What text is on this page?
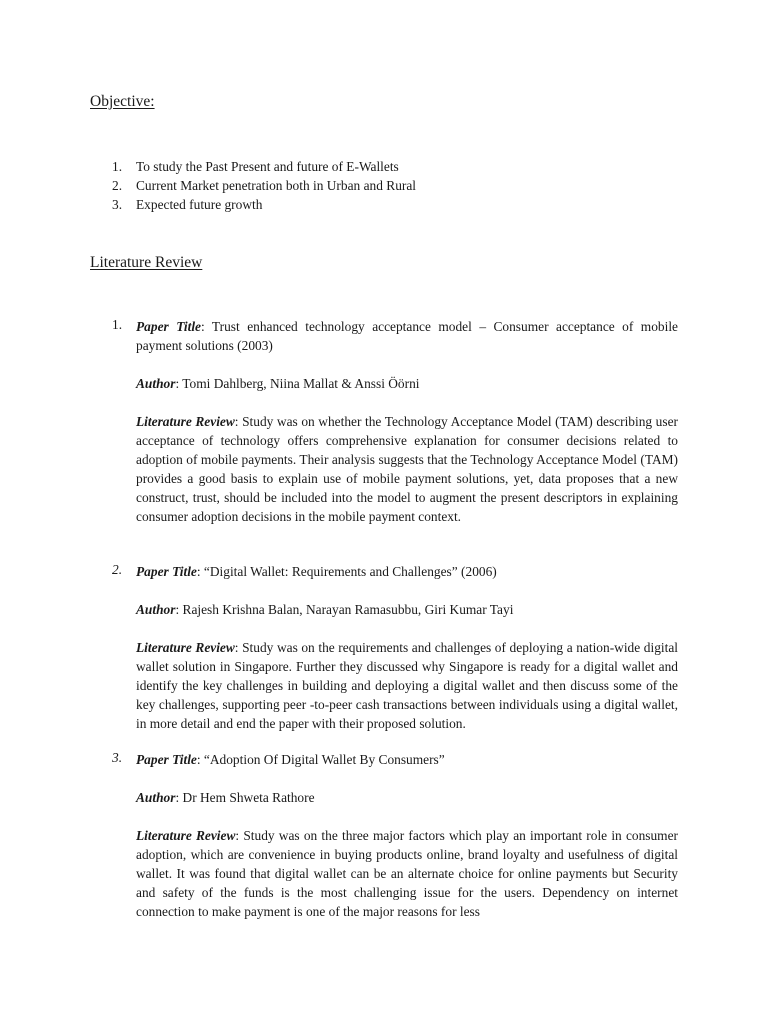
Objective:
1. To study the Past Present and future of E-Wallets
2. Current Market penetration both in Urban and Rural
3. Expected future growth
Literature Review
1.	Paper Title: Trust enhanced technology acceptance model – Consumer acceptance of mobile payment solutions (2003)

Author: Tomi Dahlberg, Niina Mallat & Anssi Öörni

Literature Review: Study was on whether the Technology Acceptance Model (TAM) describing user acceptance of technology offers comprehensive explanation for consumer decisions related to adoption of mobile payments. Their analysis suggests that the Technology Acceptance Model (TAM) provides a good basis to explain use of mobile payment solutions, yet, data proposes that a new construct, trust, should be included into the model to augment the present descriptors in explaining consumer adoption decisions in the mobile payment context.

2.	Paper Title: “Digital Wallet: Requirements and Challenges” (2006)

Author: Rajesh Krishna Balan, Narayan Ramasubbu, Giri Kumar Tayi

Literature Review: Study was on the requirements and challenges of deploying a nation-wide digital wallet solution in Singapore. Further they discussed why Singapore is ready for a digital wallet and identify the key challenges in building and deploying a digital wallet and then discuss some of the key challenges, supporting peer -to-peer cash transactions between individuals using a digital wallet, in more detail and end the paper with their proposed solution.

3.	Paper Title: “Adoption Of Digital Wallet By Consumers”

Author: Dr Hem Shweta Rathore

Literature Review: Study was on the three major factors which play an important role in consumer adoption, which are convenience in buying products online, brand loyalty and usefulness of digital wallet. It was found that digital wallet can be an alternate choice for online payments but Security and safety of the funds is the most challenging issue for the users. Dependency on internet connection to make payment is one of the major reasons for less
